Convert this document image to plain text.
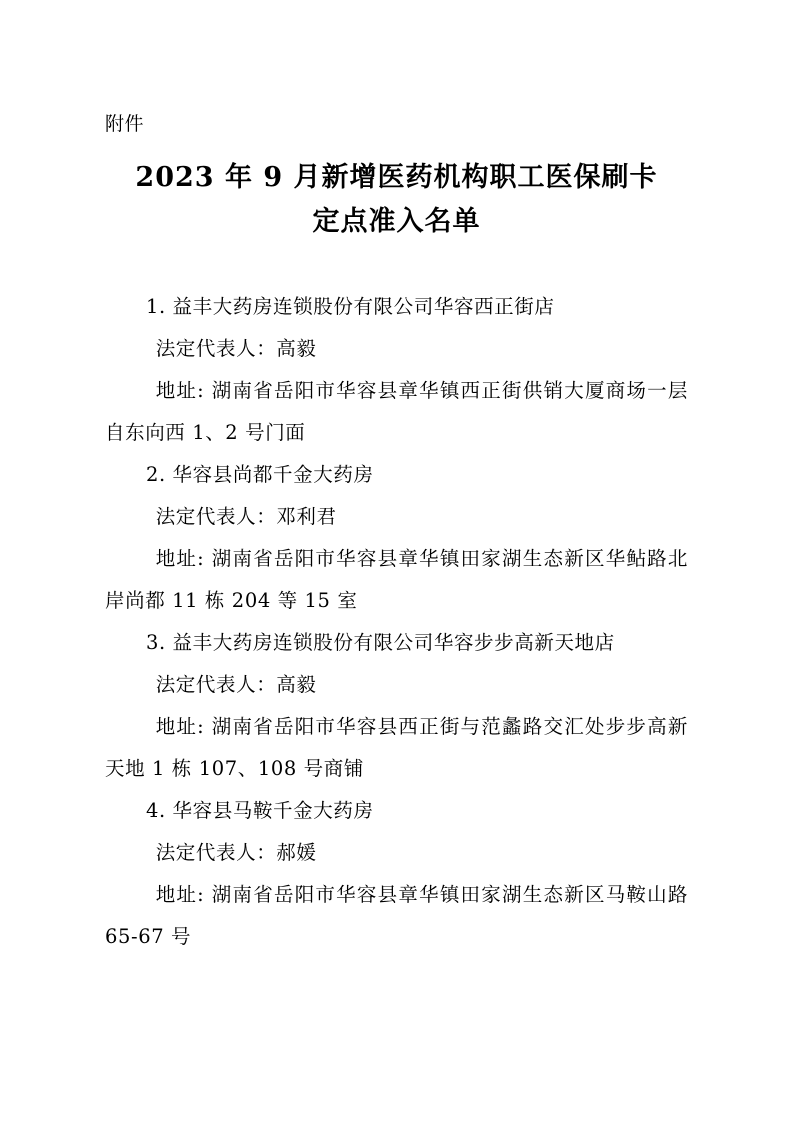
附件
2023 年 9 月新增医药机构职工医保刷卡
定点准入名单

1. 益丰大药房连锁股份有限公司华容西正街店

法定代表人：高毅

地址: 湖南省岳阳市华容县章华镇西正街供销大厦商场一层自东向西 1、2 号门面

2. 华容县尚都千金大药房

法定代表人：邓利君

地址: 湖南省岳阳市华容县章华镇田家湖生态新区华鲇路北岸尚都 11 栋 204 等 15 室

3. 益丰大药房连锁股份有限公司华容步步高新天地店

法定代表人：高毅

地址: 湖南省岳阳市华容县西正街与范蠡路交汇处步步高新天地 1 栋 107、108 号商铺

4. 华容县马鞍千金大药房

法定代表人：郝媛

地址: 湖南省岳阳市华容县章华镇田家湖生态新区马鞍山路 65-67 号
